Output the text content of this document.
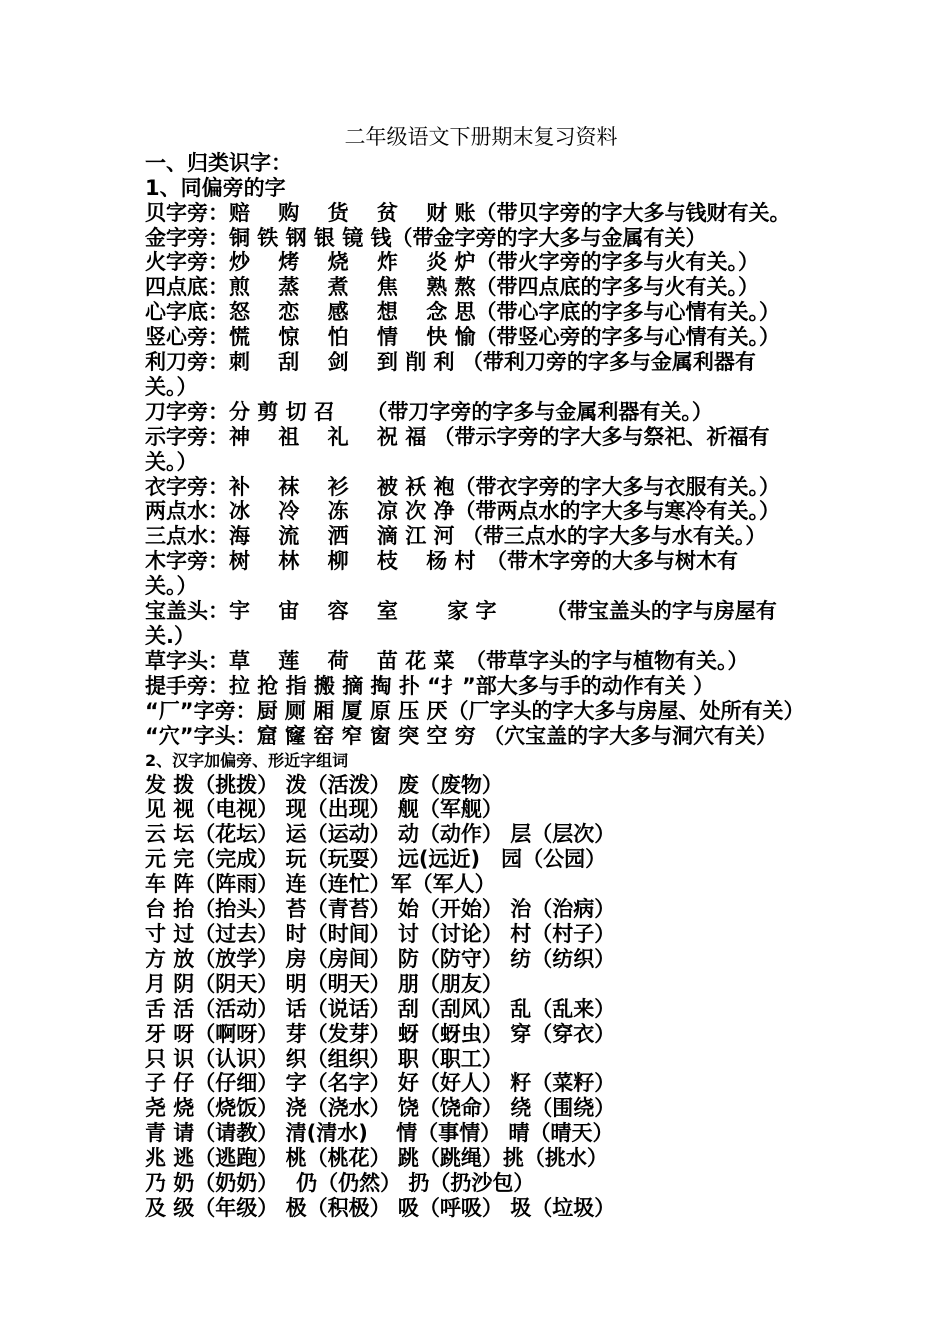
二年级语文下册期末复习资料
一、归类识字：
1、同偏旁的字
贝字旁：赔　 购　 货　 贫　 财 账（带贝字旁的字大多与钱财有关。
金字旁：铜 铁 钢 银 镜 钱（带金字旁的字大多与金属有关）
火字旁：炒　 烤　 烧　 炸　 炎 炉（带火字旁的字多与火有关。）
四点底：煎　 蒸　 煮　 焦　 熟 熬（带四点底的字多与火有关。）
心字底：怒　 恋　 感　 想　 念 思（带心字底的字多与心情有关。）
竖心旁：慌　 惊　 怕　 情　 快 愉（带竖心旁的字多与心情有关。）
利刀旁：刺　 刮　 剑　 到 削 利 （带利刀旁的字多与金属利器有
关。）
刀字旁：分 剪 切 召　　（带刀字旁的字多与金属利器有关。）
示字旁：神　 祖　 礼　 祝 福 （带示字旁的字大多与祭祀、祈福有
关。）
衣字旁：补　 袜　 衫　 被 袄 袍（带衣字旁的字大多与衣服有关。）
两点水：冰　 冷　 冻　 凉 次 净（带两点水的字大多与寒冷有关。）
三点水：海　 流　 洒　 滴 江 河 （带三点水的字大多与水有关。）
木字旁：树　 林　 柳　 枝　 杨 村　（带木字旁的大多与树木有
关。）
宝盖头：宇　 宙　 容　 室　　 家 字　　 （带宝盖头的字与房屋有
关.）
草字头：草　 莲　 荷　 苗 花 菜　（带草字头的字与植物有关。）
提手旁：拉 抢 指 搬 摘 掏 扑 “扌”部大多与手的动作有关 ）
“厂”字旁：厨 厕 厢 厦 原 压 厌（厂字头的字大多与房屋、处所有关）
“穴”字头：窟 窿 窑 窄 窗 突 空 穷 （穴宝盖的字大多与洞穴有关）
2、汉字加偏旁、形近字组词
发 拨（挑拨） 泼（活泼） 废（废物）
见 视（电视） 现（出现） 舰（军舰）
云 坛（花坛） 运（运动） 动（动作） 层（层次）
元 完（完成） 玩（玩耍） 远(远近)　园（公园）
车 阵（阵雨） 连（连忙）军（军人）
台 抬（抬头） 苔（青苔） 始（开始） 治（治病）
寸 过（过去） 时（时间） 讨（讨论） 村（村子）
方 放（放学） 房（房间） 防（防守） 纺（纺织）
月 阴（阴天） 明（明天） 朋（朋友）
舌 活（活动） 话（说话） 刮（刮风） 乱（乱来）
牙 呀（啊呀） 芽（发芽） 蚜（蚜虫） 穿（穿衣）
只 识（认识） 织（组织） 职（职工）
子 仔（仔细） 字（名字） 好（好人） 籽（菜籽）
尧 烧（烧饭） 浇（浇水） 饶（饶命） 绕（围绕）
青 请（请教） 清(清水)　 情（事情） 晴（晴天）
兆 逃（逃跑） 桃（桃花） 跳（跳绳）挑（挑水）
乃 奶（奶奶）　 仍（仍然） 扔（扔沙包）
及 级（年级） 极（积极） 吸（呼吸） 圾（垃圾）
